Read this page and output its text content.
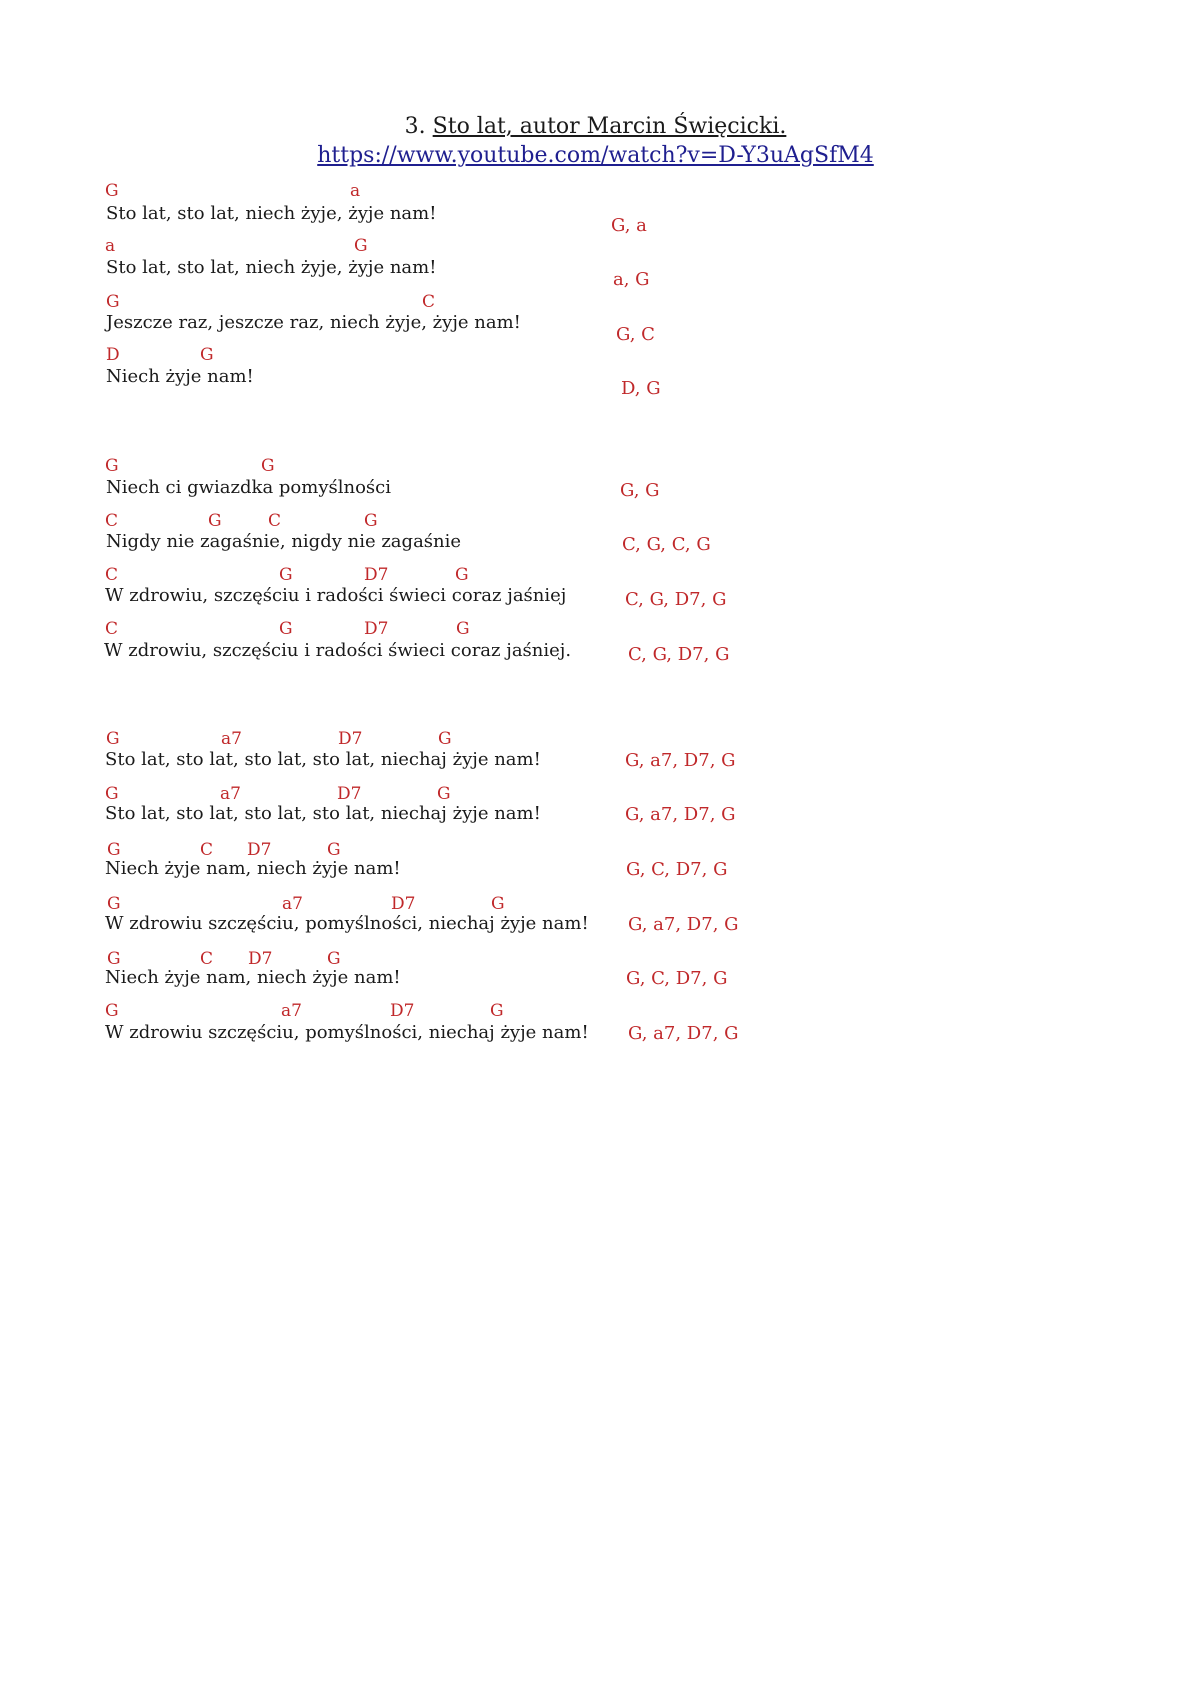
3. Sto lat, autor Marcin Święcicki.
https://www.youtube.com/watch?v=D-Y3uAgSfM4
G	a
Sto lat, sto lat, niech żyje, żyje nam!
G, a
a	G
Sto lat, sto lat, niech żyje, żyje nam!
a, G
G	C
Jeszcze raz, jeszcze raz, niech żyje, żyje nam!
G, C
D	G
Niech żyje nam!
D, G
G	G
Niech ci gwiazdka pomyślności	G, G
C	G	C	G
Nigdy nie zagaśnie, nigdy nie zagaśnie	C, G, C, G
C	G	D7	G
W zdrowiu, szczęściu i radości świeci coraz jaśniej	C, G, D7, G
C	G	D7	G
W zdrowiu, szczęściu i radości świeci coraz jaśniej.	C, G, D7, G
G	a7	D7	G
Sto lat, sto lat, sto lat, sto lat, niechaj żyje nam!	G, a7, D7, G
G	a7	D7	G
Sto lat, sto lat, sto lat, sto lat, niechaj żyje nam!	G, a7, D7, G
G	C D7	G
Niech żyje nam, niech żyje nam!	G, C, D7, G
G	a7	D7	G
W zdrowiu szczęściu, pomyślności, niechaj żyje nam! G, a7, D7, G
G	C D7	G
Niech żyje nam, niech żyje nam!	G, C, D7, G
G	a7	D7	G
W zdrowiu szczęściu, pomyślności, niechaj żyje nam! G, a7, D7, G
